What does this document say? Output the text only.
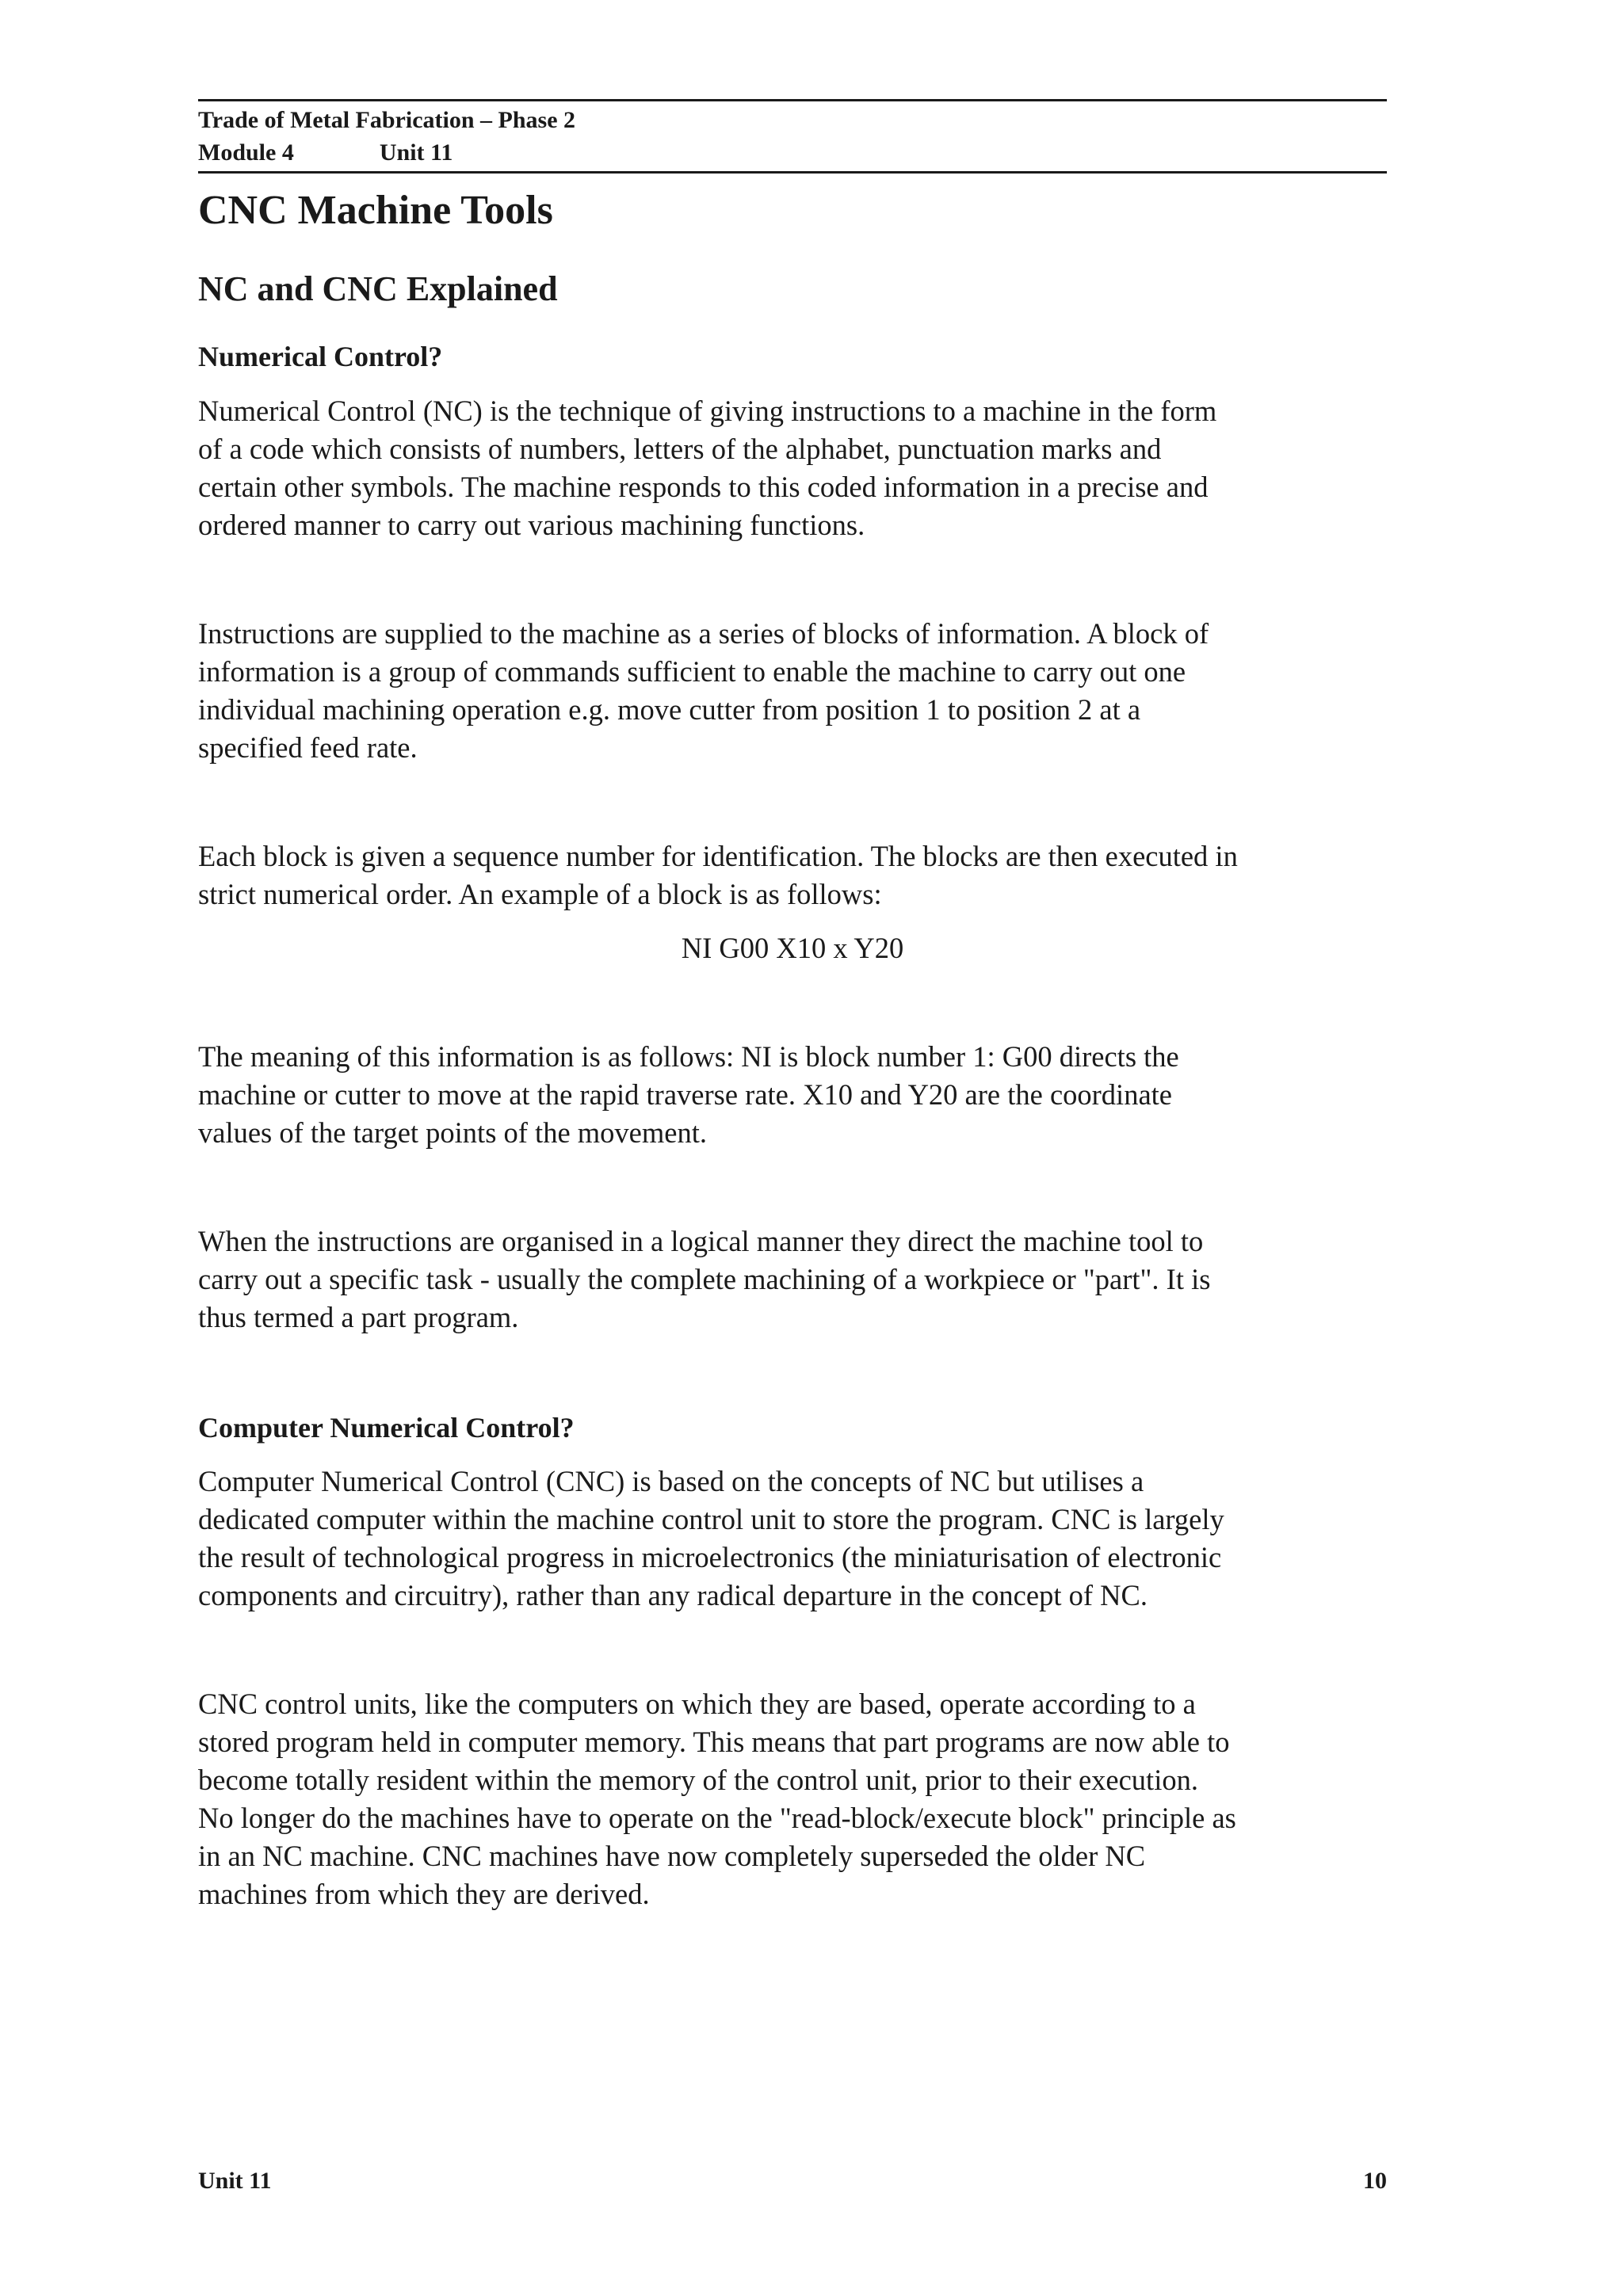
Trade of Metal Fabrication – Phase 2
Module 4	Unit 11
CNC Machine Tools
NC and CNC Explained
Numerical Control?
Numerical Control (NC) is the technique of giving instructions to a machine in the form
of a code which consists of numbers, letters of the alphabet, punctuation marks and
certain other symbols. The machine responds to this coded information in a precise and
ordered manner to carry out various machining functions.
Instructions are supplied to the machine as a series of blocks of information. A block of
information is a group of commands sufficient to enable the machine to carry out one
individual machining operation e.g. move cutter from position 1 to position 2 at a
specified feed rate.
Each block is given a sequence number for identification. The blocks are then executed in
strict numerical order. An example of a block is as follows:
NI G00 X10 x Y20
The meaning of this information is as follows: NI is block number 1: G00 directs the
machine or cutter to move at the rapid traverse rate. X10 and Y20 are the coordinate
values of the target points of the movement.
When the instructions are organised in a logical manner they direct the machine tool to
carry out a specific task - usually the complete machining of a workpiece or "part". It is
thus termed a part program.
Computer Numerical Control?
Computer Numerical Control (CNC) is based on the concepts of NC but utilises a
dedicated computer within the machine control unit to store the program. CNC is largely
the result of technological progress in microelectronics (the miniaturisation of electronic
components and circuitry), rather than any radical departure in the concept of NC.
CNC control units, like the computers on which they are based, operate according to a
stored program held in computer memory. This means that part programs are now able to
become totally resident within the memory of the control unit, prior to their execution.
No longer do the machines have to operate on the "read-block/execute block" principle as
in an NC machine. CNC machines have now completely superseded the older NC
machines from which they are derived.
Unit 11	10
